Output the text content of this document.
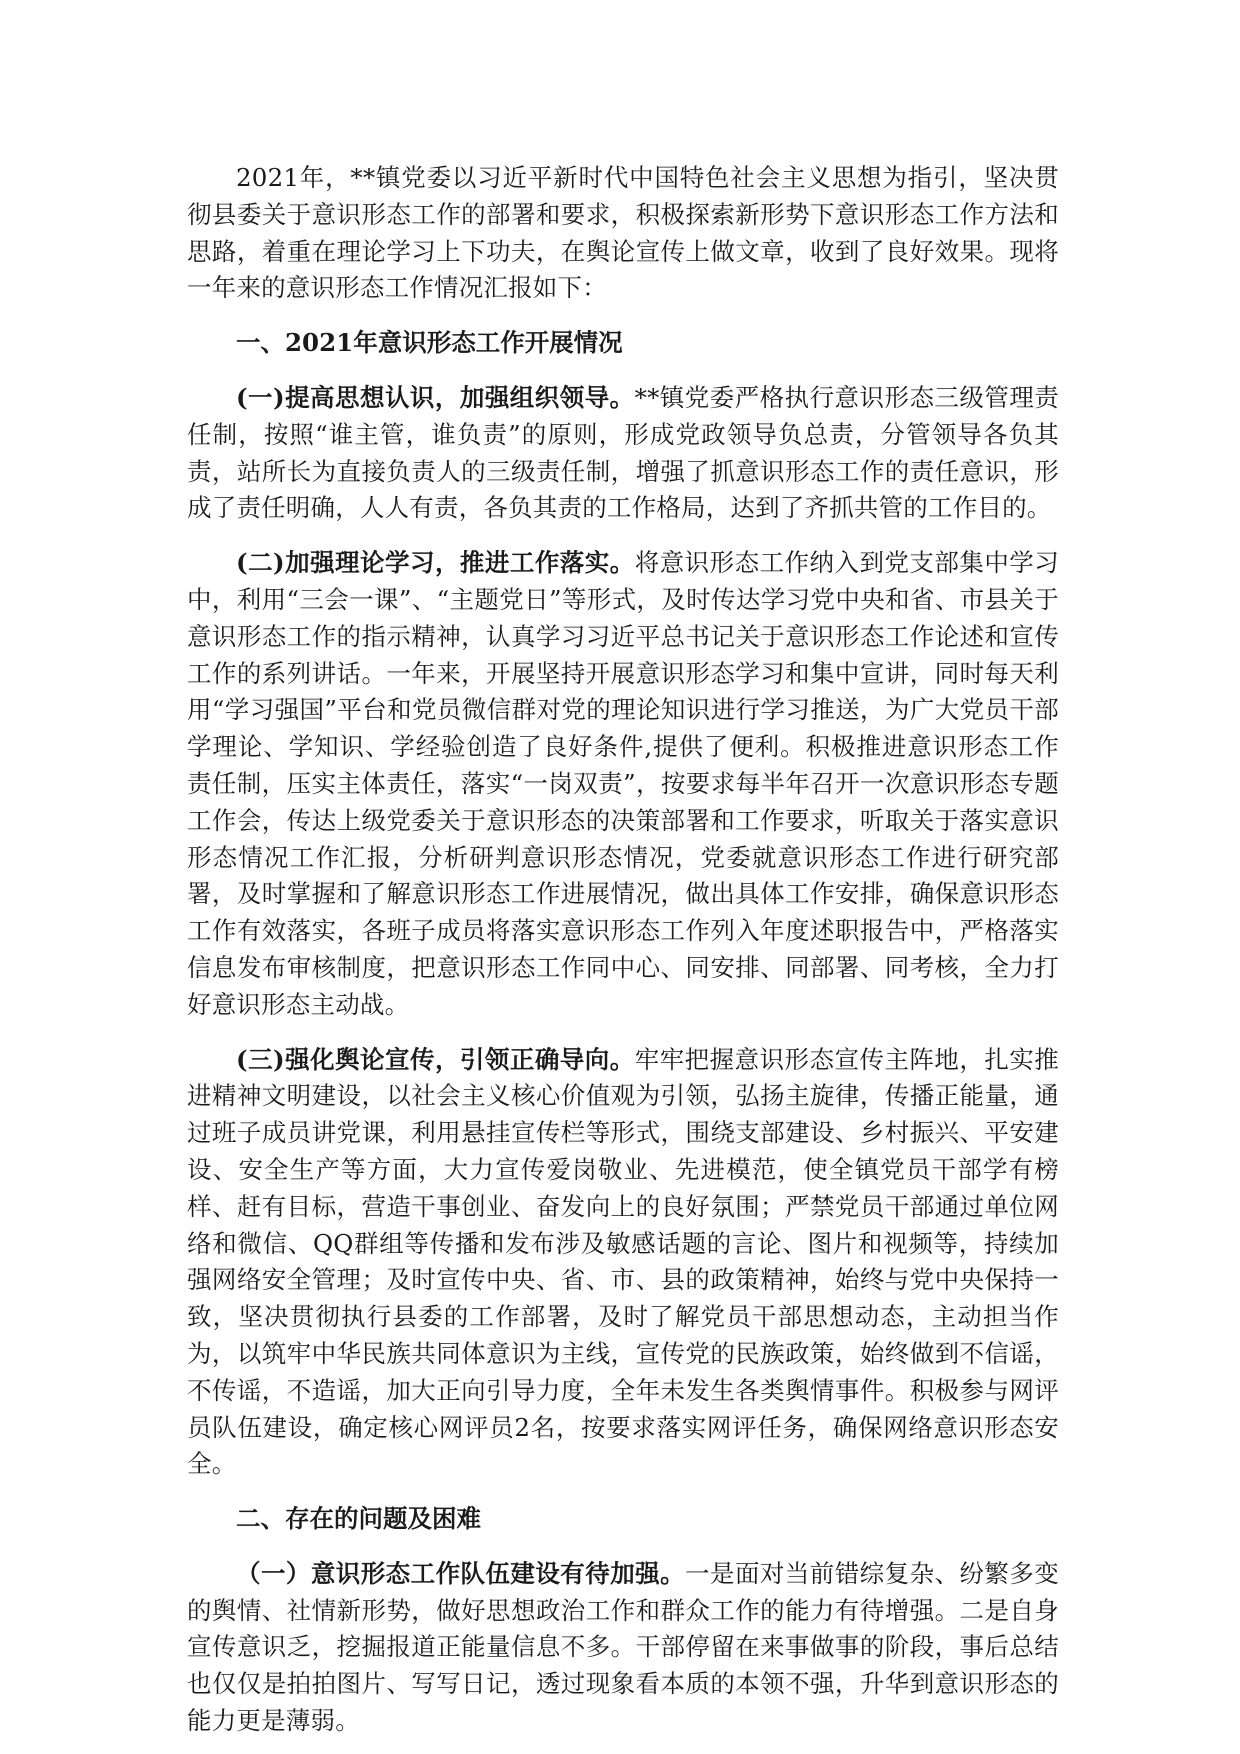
2021年，**镇党委以习近平新时代中国特色社会主义思想为指引，坚决贯彻县委关于意识形态工作的部署和要求，积极探索新形势下意识形态工作方法和思路，着重在理论学习上下功夫，在舆论宣传上做文章，收到了良好效果。现将一年来的意识形态工作情况汇报如下：

一、2021年意识形态工作开展情况

(一)提高思想认识，加强组织领导。**镇党委严格执行意识形态三级管理责任制，按照“谁主管，谁负责”的原则，形成党政领导负总责，分管领导各负其责，站所长为直接负责人的三级责任制，增强了抓意识形态工作的责任意识，形成了责任明确，人人有责，各负其责的工作格局，达到了齐抓共管的工作目的。

(二)加强理论学习，推进工作落实。将意识形态工作纳入到党支部集中学习中，利用“三会一课”、“主题党日”等形式，及时传达学习党中央和省、市县关于意识形态工作的指示精神，认真学习习近平总书记关于意识形态工作论述和宣传工作的系列讲话。一年来，开展坚持开展意识形态学习和集中宣讲，同时每天利用“学习强国”平台和党员微信群对党的理论知识进行学习推送，为广大党员干部学理论、学知识、学经验创造了良好条件,提供了便利。积极推进意识形态工作责任制，压实主体责任，落实“一岗双责”，按要求每半年召开一次意识形态专题工作会，传达上级党委关于意识形态的决策部署和工作要求，听取关于落实意识形态情况工作汇报，分析研判意识形态情况，党委就意识形态工作进行研究部署，及时掌握和了解意识形态工作进展情况，做出具体工作安排，确保意识形态工作有效落实，各班子成员将落实意识形态工作列入年度述职报告中，严格落实信息发布审核制度，把意识形态工作同中心、同安排、同部署、同考核，全力打好意识形态主动战。

(三)强化舆论宣传，引领正确导向。牢牢把握意识形态宣传主阵地，扎实推进精神文明建设，以社会主义核心价值观为引领，弘扬主旋律，传播正能量，通过班子成员讲党课，利用悬挂宣传栏等形式，围绕支部建设、乡村振兴、平安建设、安全生产等方面，大力宣传爱岗敬业、先进模范，使全镇党员干部学有榜样、赶有目标，营造干事创业、奋发向上的良好氛围；严禁党员干部通过单位网络和微信、QQ群组等传播和发布涉及敏感话题的言论、图片和视频等，持续加强网络安全管理；及时宣传中央、省、市、县的政策精神，始终与党中央保持一致，坚决贯彻执行县委的工作部署，及时了解党员干部思想动态，主动担当作为，以筑牢中华民族共同体意识为主线，宣传党的民族政策，始终做到不信谣，不传谣，不造谣，加大正向引导力度，全年未发生各类舆情事件。积极参与网评员队伍建设，确定核心网评员2名，按要求落实网评任务，确保网络意识形态安全。

二、存在的问题及困难

（一）意识形态工作队伍建设有待加强。一是面对当前错综复杂、纷繁多变的舆情、社情新形势，做好思想政治工作和群众工作的能力有待增强。二是自身宣传意识乏，挖掘报道正能量信息不多。干部停留在来事做事的阶段，事后总结也仅仅是拍拍图片、写写日记，透过现象看本质的本领不强，升华到意识形态的能力更是薄弱。
